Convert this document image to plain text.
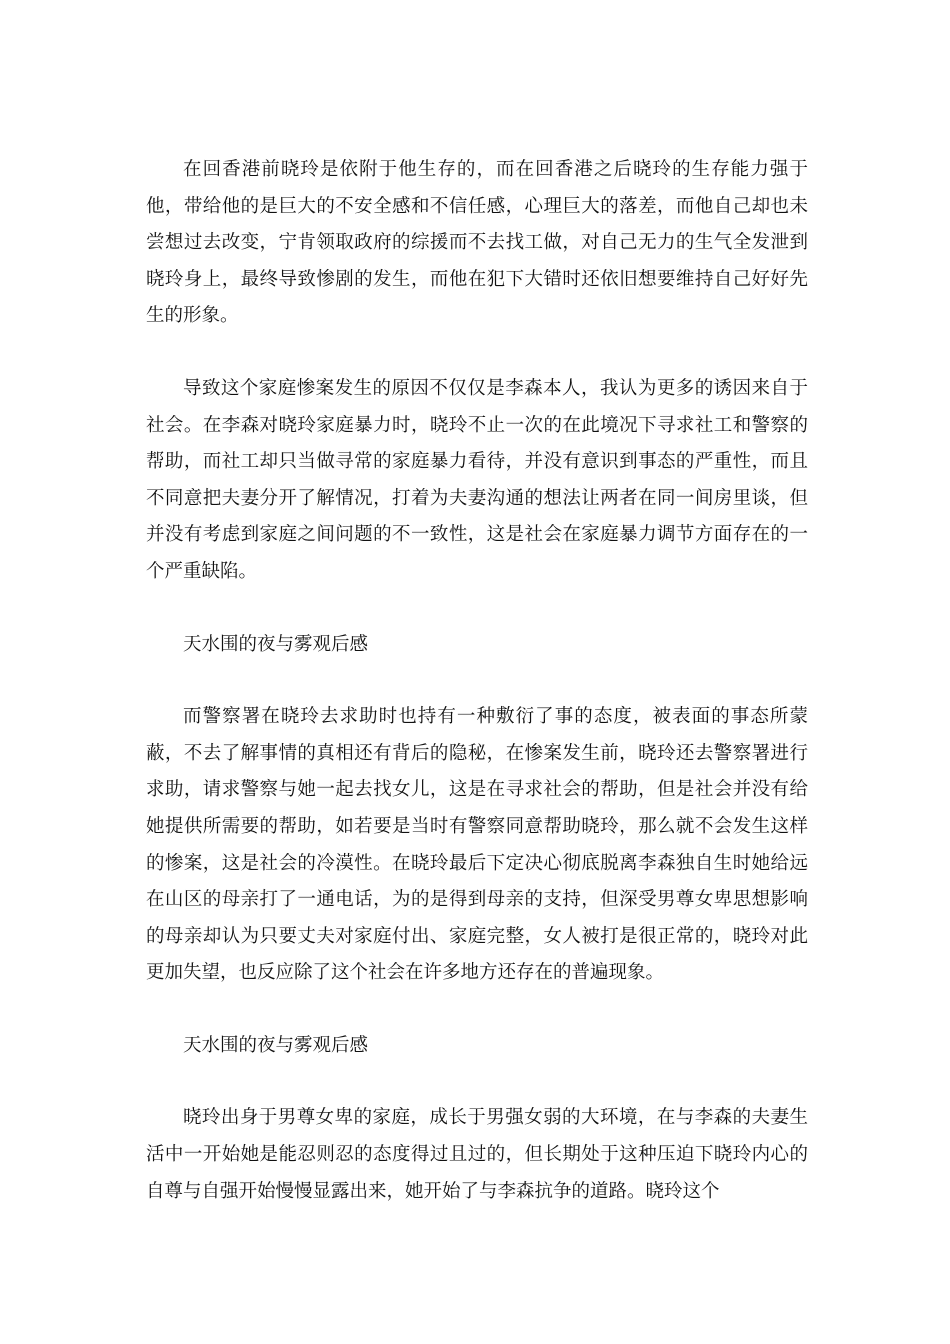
在回香港前晓玲是依附于他生存的，而在回香港之后晓玲的生存能力强于他，带给他的是巨大的不安全感和不信任感，心理巨大的落差，而他自己却也未尝想过去改变，宁肯领取政府的综援而不去找工做，对自己无力的生气全发泄到晓玲身上，最终导致惨剧的发生，而他在犯下大错时还依旧想要维持自己好好先生的形象。

导致这个家庭惨案发生的原因不仅仅是李森本人，我认为更多的诱因来自于社会。在李森对晓玲家庭暴力时，晓玲不止一次的在此境况下寻求社工和警察的帮助，而社工却只当做寻常的家庭暴力看待，并没有意识到事态的严重性，而且不同意把夫妻分开了解情况，打着为夫妻沟通的想法让两者在同一间房里谈，但并没有考虑到家庭之间问题的不一致性，这是社会在家庭暴力调节方面存在的一个严重缺陷。

天水围的夜与雾观后感

而警察署在晓玲去求助时也持有一种敷衍了事的态度，被表面的事态所蒙蔽，不去了解事情的真相还有背后的隐秘，在惨案发生前，晓玲还去警察署进行求助，请求警察与她一起去找女儿，这是在寻求社会的帮助，但是社会并没有给她提供所需要的帮助，如若要是当时有警察同意帮助晓玲，那么就不会发生这样的惨案，这是社会的冷漠性。在晓玲最后下定决心彻底脱离李森独自生时她给远在山区的母亲打了一通电话，为的是得到母亲的支持，但深受男尊女卑思想影响的母亲却认为只要丈夫对家庭付出、家庭完整，女人被打是很正常的，晓玲对此更加失望，也反应除了这个社会在许多地方还存在的普遍现象。

天水围的夜与雾观后感

晓玲出身于男尊女卑的家庭，成长于男强女弱的大环境，在与李森的夫妻生活中一开始她是能忍则忍的态度得过且过的，但长期处于这种压迫下晓玲内心的自尊与自强开始慢慢显露出来，她开始了与李森抗争的道路。晓玲这个
